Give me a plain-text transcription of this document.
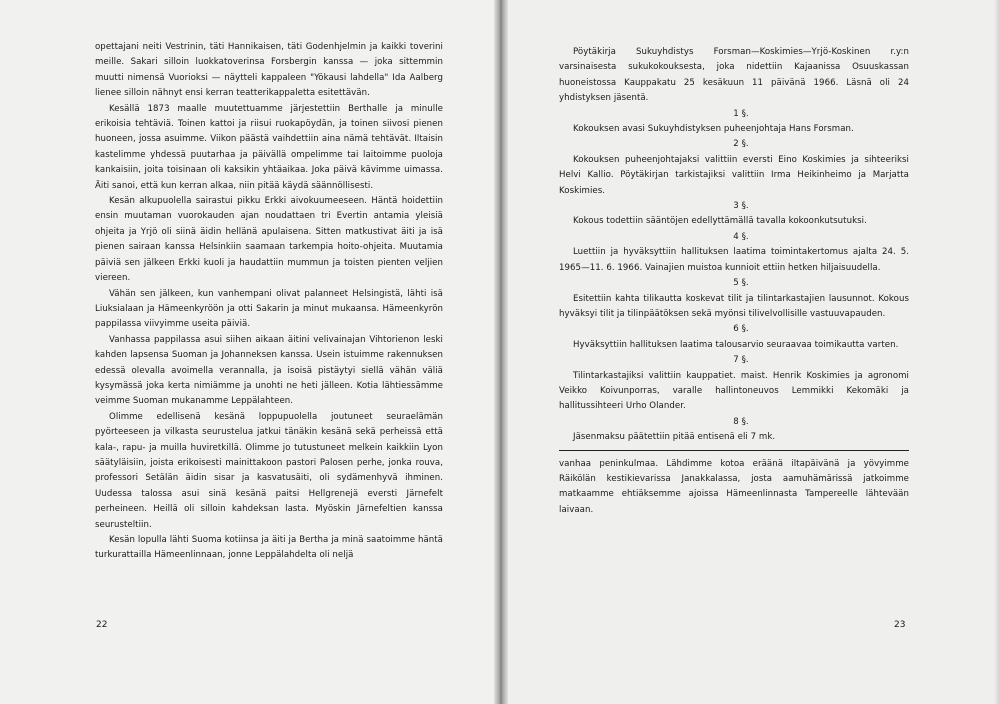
opettajani neiti Vestrinin, täti Hannikaisen, täti Godenhjelmin ja kaikki toverini meille. Sakari silloin luokkatoverinsa Forsbergin kanssa — joka sittemmin muutti nimensä Vuorioksi — näytteli kappaleen "Yökausi lahdella" Ida Aalberg lienee silloin nähnyt ensi kerran teatterikappaletta esitettävän.

Kesällä 1873 maalle muutettuamme järjestettiin Berthalle ja minulle erikoisia tehtäviä. Toinen kattoi ja riisui ruokapöydän, ja toinen siivosi pienen huoneen, jossa asuimme. Viikon päästä vaihdettiin aina nämä tehtävät. Iltaisin kastelimme yhdessä puutarhaa ja päivällä ompelimme tai laitoimme puoloja kankaisiin, joita toisinaan oli kaksikin yhtäaikaa. Joka päivä kävimme uimassa. Äiti sanoi, että kun kerran alkaa, niin pitää käydä säännöllisesti.

Kesän alkupuolella sairastui pikku Erkki aivokuumeeseen. Häntä hoidettiin ensin muutaman vuorokauden ajan noudattaen tri Evertin antamia yleisiä ohjeita ja Yrjö oli siinä äidin hellänä apulaisena. Sitten matkustivat äiti ja isä pienen sairaan kanssa Helsinkiin saamaan tarkempia hoito-ohjeita. Muutamia päiviä sen jälkeen Erkki kuoli ja haudattiin mummun ja toisten pienten veljien viereen.

Vähän sen jälkeen, kun vanhempani olivat palanneet Helsingistä, lähti isä Liuksialaan ja Hämeenkyröön ja otti Sakarin ja minut mukaansa. Hämeenkyrön pappilassa viivyimme useita päiviä.

Vanhassa pappilassa asui siihen aikaan äitini velivainajan Vihtorienon leski kahden lapsensa Suoman ja Johanneksen kanssa. Usein istuimme rakennuksen edessä olevalla avoimella verannalla, ja isoisä pistäytyi siellä vähän väliä kysymässä joka kerta nimiämme ja unohti ne heti jälleen. Kotia lähtiessämme veimme Suoman mukanamme Leppälahteen.

Olimme edellisenä kesänä loppupuolella joutuneet seuraelämän pyörteeseen ja vilkasta seurustelua jatkui tänäkin kesänä sekä perheissä että kala-, rapu- ja muilla huviretkillä. Olimme jo tutustuneet melkein kaikkiin Lyon säätyläisiin, joista erikoisesti mainittakoon pastori Palosen perhe, jonka rouva, professori Setälän äidin sisar ja kasvatusäiti, oli sydämenhyvä ihminen. Uudessa talossa asui sinä kesänä paitsi Hellgrenejä eversti Järnefelt perheineen. Heillä oli silloin kahdeksan lasta. Myöskin Järnefeltien kanssa seurusteltiin.

Kesän lopulla lähti Suoma kotiinsa ja äiti ja Bertha ja minä saatoimme häntä turkurattailla Hämeenlinnaan, jonne Leppälahdelta oli neljä

22

Pöytäkirja Sukuyhdistys Forsman—Koskimies—Yrjö-Koskinen r.y:n varsinaisesta sukukokouksesta, joka nidettiin Kajaanissa Osuuskassan huoneistossa Kauppakatu 25 kesäkuun 11 päivänä 1966. Läsnä oli 24 yhdistyksen jäsentä.

1 §.

Kokouksen avasi Sukuyhdistyksen puheenjohtaja Hans Forsman.

2 §.

Kokouksen puheenjohtajaksi valittiin eversti Eino Koskimies ja sihteeriksi Helvi Kallio. Pöytäkirjan tarkistajiksi valittiin Irma Heikinheimo ja Marjatta Koskimies.

3 §.

Kokous todettiin sääntöjen edellyttämällä tavalla kokoonkutsutuksi.

4 §.

Luettiin ja hyväksyttiin hallituksen laatima toimintakertomus ajalta 24. 5. 1965—11. 6. 1966. Vainajien muistoa kunnioit ettiin hetken hiljaisuudella.

5 §.

Esitettiin kahta tilikautta koskevat tilit ja tilintarkastajien lausunnot. Kokous hyväksyi tilit ja tilinpäätöksen sekä myönsi tilivelvollisille vastuuvapauden.

6 §.

Hyväksyttiin hallituksen laatima talousarvio seuraavaa toimikautta varten.

7 §.

Tilintarkastajiksi valittiin kauppatiet. maist. Henrik Koskimies ja agronomi Veikko Koivunporras, varalle hallintoneuvos Lemmikki Kekomäki ja hallitussihteeri Urho Olander.

8 §.

Jäsenmaksu päätettiin pitää entisenä eli 7 mk.

vanhaa peninkulmaa. Lähdimme kotoa eräänä iltapäivänä ja yövyimme Räikölän kestikievarissa Janakkalassa, josta aamuhämärissä jatkoimme matkaamme ehtiäksemme ajoissa Hämeenlinnasta Tampereelle lähtevään laivaan.

23
